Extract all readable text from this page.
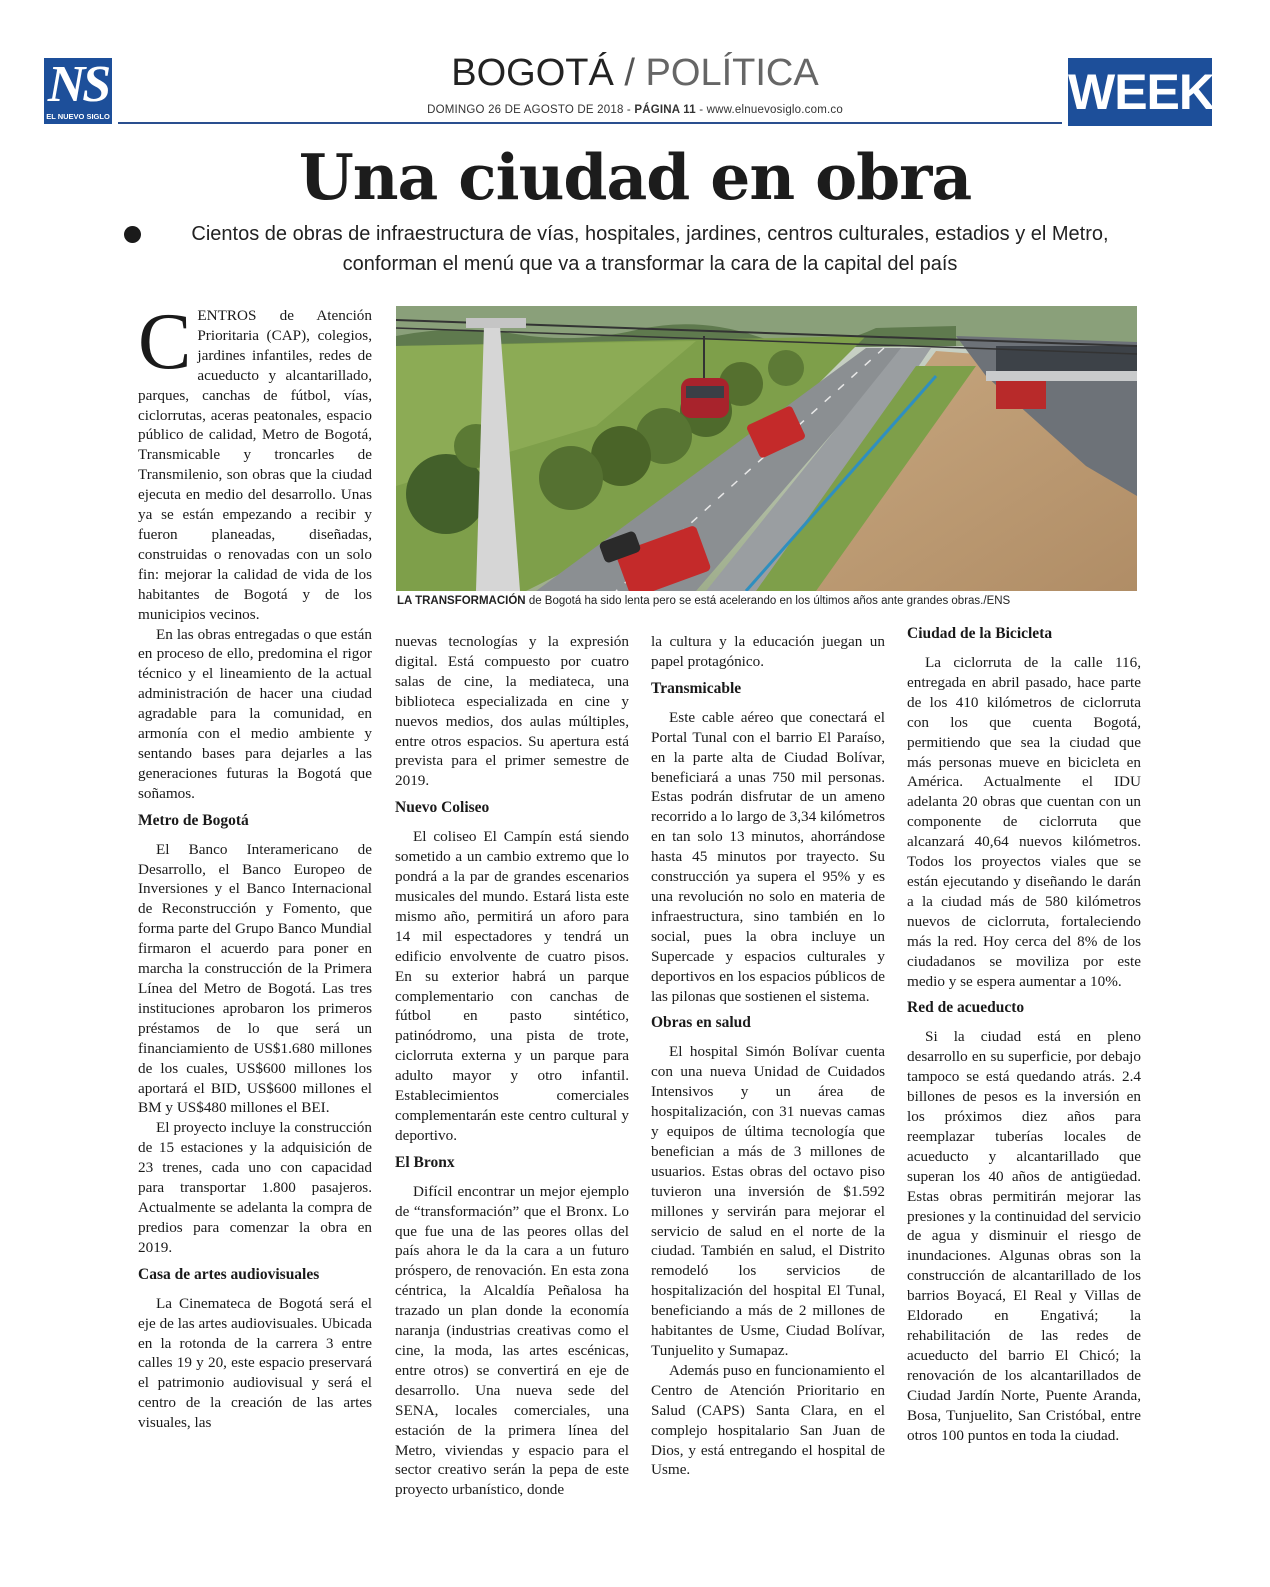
NS
EL NUEVO SIGLO
BOGOTÁ / POLÍTICA
DOMINGO 26 DE AGOSTO DE 2018 - PÁGINA 11 - www.elnuevosiglo.com.co	WEEK
Una ciudad en obra
Cientos de obras de infraestructura de vías, hospitales, jardines, centros culturales, estadios y el Metro, conforman el menú que va a transformar la cara de la capital del país
LA TRANSFORMACIÓN de Bogotá ha sido lenta pero se está acelerando en los últimos años ante grandes obras./ENS

CENTROS de Atención Prioritaria (CAP), colegios, jardines infantiles, redes de acueducto y alcantarillado, parques, canchas de fútbol, vías, ciclorrutas, aceras peatonales, espacio público de calidad, Metro de Bogotá, Transmicable y troncarles de Transmilenio, son obras que la ciudad ejecuta en medio del desarrollo. Unas ya se están empezando a recibir y fueron planeadas, diseñadas, construidas o renovadas con un solo fin: mejorar la calidad de vida de los habitantes de Bogotá y de los municipios vecinos.

En las obras entregadas o que están en proceso de ello, predomina el rigor técnico y el lineamiento de la actual administración de hacer una ciudad agradable para la comunidad, en armonía con el medio ambiente y sentando bases para dejarles a las generaciones futuras la Bogotá que soñamos.

Metro de Bogotá

El Banco Interamericano de Desarrollo, el Banco Europeo de Inversiones y el Banco Internacional de Reconstrucción y Fomento, que forma parte del Grupo Banco Mundial firmaron el acuerdo para poner en marcha la construcción de la Primera Línea del Metro de Bogotá. Las tres instituciones aprobaron los primeros préstamos de lo que será un financiamiento de US$1.680 millones de los cuales, US$600 millones los aportará el BID, US$600 millones el BM y US$480 millones el BEI.

El proyecto incluye la construcción de 15 estaciones y la adquisición de 23 trenes, cada uno con capacidad para transportar 1.800 pasajeros. Actualmente se adelanta la compra de predios para comenzar la obra en 2019.

Casa de artes audiovisuales

La Cinemateca de Bogotá será el eje de las artes audiovisuales. Ubicada en la rotonda de la carrera 3 entre calles 19 y 20, este espacio preservará el patrimonio audiovisual y será el centro de la creación de las artes visuales, las

nuevas tecnologías y la expresión digital. Está compuesto por cuatro salas de cine, la mediateca, una biblioteca especializada en cine y nuevos medios, dos aulas múltiples, entre otros espacios. Su apertura está prevista para el primer semestre de 2019.

Nuevo Coliseo

El coliseo El Campín está siendo sometido a un cambio extremo que lo pondrá a la par de grandes escenarios musicales del mundo. Estará lista este mismo año, permitirá un aforo para 14 mil espectadores y tendrá un edificio envolvente de cuatro pisos. En su exterior habrá un parque complementario con canchas de fútbol en pasto sintético, patinódromo, una pista de trote, ciclorruta externa y un parque para adulto mayor y otro infantil. Establecimientos comerciales complementarán este centro cultural y deportivo.

El Bronx

Difícil encontrar un mejor ejemplo de “transformación” que el Bronx. Lo que fue una de las peores ollas del país ahora le da la cara a un futuro próspero, de renovación. En esta zona céntrica, la Alcaldía Peñalosa ha trazado un plan donde la economía naranja (industrias creativas como el cine, la moda, las artes escénicas, entre otros) se convertirá en eje de desarrollo. Una nueva sede del SENA, locales comerciales, una estación de la primera línea del Metro, viviendas y espacio para el sector creativo serán la pepa de este proyecto urbanístico, donde

la cultura y la educación juegan un papel protagónico.

Transmicable

Este cable aéreo que conectará el Portal Tunal con el barrio El Paraíso, en la parte alta de Ciudad Bolívar, beneficiará a unas 750 mil personas. Estas podrán disfrutar de un ameno recorrido a lo largo de 3,34 kilómetros en tan solo 13 minutos, ahorrándose hasta 45 minutos por trayecto. Su construcción ya supera el 95% y es una revolución no solo en materia de infraestructura, sino también en lo social, pues la obra incluye un Supercade y espacios culturales y deportivos en los espacios públicos de las pilonas que sostienen el sistema.

Obras en salud

El hospital Simón Bolívar cuenta con una nueva Unidad de Cuidados Intensivos y un área de hospitalización, con 31 nuevas camas y equipos de última tecnología que benefician a más de 3 millones de usuarios. Estas obras del octavo piso tuvieron una inversión de $1.592 millones y servirán para mejorar el servicio de salud en el norte de la ciudad. También en salud, el Distrito remodeló los servicios de hospitalización del hospital El Tunal, beneficiando a más de 2 millones de habitantes de Usme, Ciudad Bolívar, Tunjuelito y Sumapaz.

Además puso en funcionamiento el Centro de Atención Prioritario en Salud (CAPS) Santa Clara, en el complejo hospitalario San Juan de Dios, y está entregando el hospital de Usme.

Ciudad de la Bicicleta

La ciclorruta de la calle 116, entregada en abril pasado, hace parte de los 410 kilómetros de ciclorruta con los que cuenta Bogotá, permitiendo que sea la ciudad que más personas mueve en bicicleta en América. Actualmente el IDU adelanta 20 obras que cuentan con un componente de ciclorruta que alcanzará 40,64 nuevos kilómetros. Todos los proyectos viales que se están ejecutando y diseñando le darán a la ciudad más de 580 kilómetros nuevos de ciclorruta, fortaleciendo más la red. Hoy cerca del 8% de los ciudadanos se moviliza por este medio y se espera aumentar a 10%.

Red de acueducto

Si la ciudad está en pleno desarrollo en su superficie, por debajo tampoco se está quedando atrás. 2.4 billones de pesos es la inversión en los próximos diez años para reemplazar tuberías locales de acueducto y alcantarillado que superan los 40 años de antigüedad. Estas obras permitirán mejorar las presiones y la continuidad del servicio de agua y disminuir el riesgo de inundaciones. Algunas obras son la construcción de alcantarillado de los barrios Boyacá, El Real y Villas de Eldorado en Engativá; la rehabilitación de las redes de acueducto del barrio El Chicó; la renovación de los alcantarillados de Ciudad Jardín Norte, Puente Aranda, Bosa, Tunjuelito, San Cristóbal, entre otros 100 puntos en toda la ciudad.
